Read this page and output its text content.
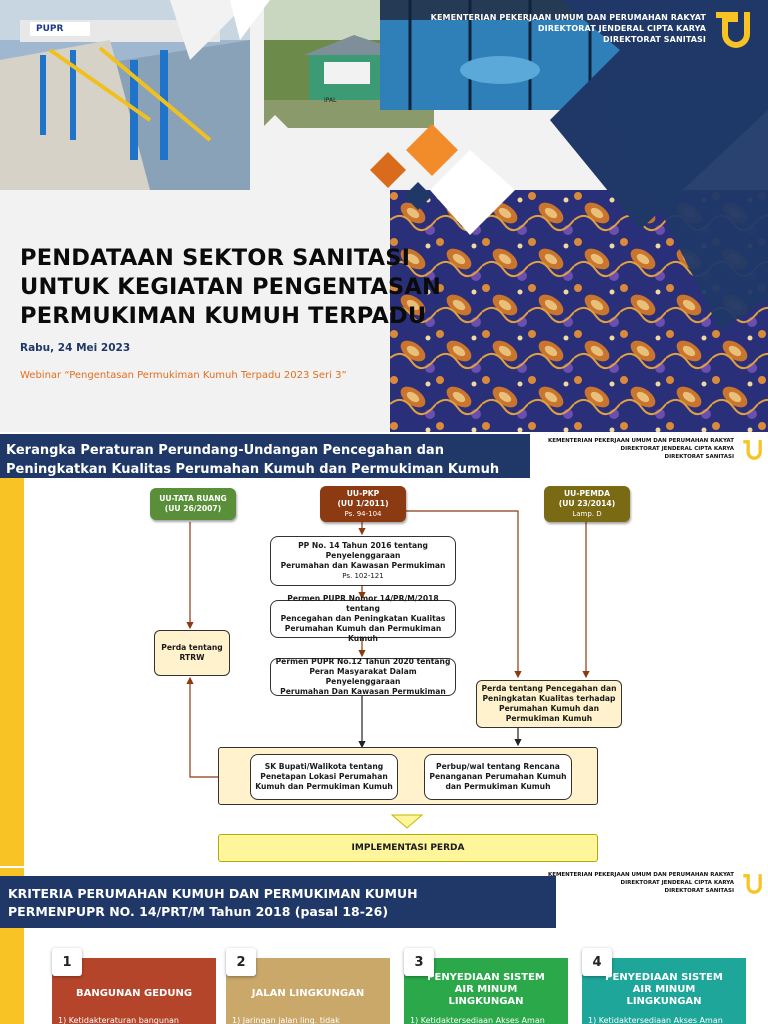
PUPR
IPAL
KEMENTERIAN PEKERJAAN UMUM DAN PERUMAHAN RAKYAT
DIREKTORAT JENDERAL CIPTA KARYA
DIREKTORAT SANITASI
PENDATAAN SEKTOR SANITASI
UNTUK KEGIATAN PENGENTASAN
PERMUKIMAN KUMUH TERPADU
Rabu, 24 Mei 2023
Webinar “Pengentasan Permukiman Kumuh Terpadu 2023 Seri 3”
Kerangka Peraturan Perundang-Undangan Pencegahan dan
Peningkatkan Kualitas Perumahan Kumuh dan Permukiman Kumuh
KEMENTERIAN PEKERJAAN UMUM DAN PERUMAHAN RAKYAT
DIREKTORAT JENDERAL CIPTA KARYA
DIREKTORAT SANITASI
UU-TATA RUANG
(UU 26/2007)
UU-PKP
(UU 1/2011)
Ps. 94-104
UU-PEMDA
(UU 23/2014)
Lamp. D
PP No. 14 Tahun 2016 tentang
Penyelenggaraan
Perumahan dan Kawasan Permukiman
Ps. 102-121
Permen PUPR Nomor 14/PR/M/2018 tentang
Pencegahan dan Peningkatan Kualitas
Perumahan Kumuh dan Permukiman Kumuh
Permen PUPR No.12 Tahun 2020 tentang
Peran Masyarakat Dalam Penyelenggaraan
Perumahan Dan Kawasan Permukiman
Perda tentang
RTRW
Perda tentang Pencegahan dan
Peningkatan Kualitas terhadap
Perumahan Kumuh dan
Permukiman Kumuh
SK Bupati/Walikota tentang
Penetapan Lokasi Perumahan
Kumuh dan Permukiman Kumuh
Perbup/wal tentang Rencana
Penanganan Perumahan Kumuh
dan Permukiman Kumuh
IMPLEMENTASI PERDA
KRITERIA PERUMAHAN KUMUH DAN PERMUKIMAN KUMUH
PERMENPUPR NO. 14/PRT/M Tahun 2018 (pasal 18-26)
KEMENTERIAN PEKERJAAN UMUM DAN PERUMAHAN RAKYAT
DIREKTORAT JENDERAL CIPTA KARYA
DIREKTORAT SANITASI
1
BANGUNAN GEDUNG
1) Ketidakteraturan bangunan
2
JALAN LINGKUNGAN
1) Jaringan jalan ling. tidak
3
PENYEDIAAN SISTEM
AIR MINUM
LINGKUNGAN
1) Ketidaktersediaan Akses Aman
4
PENYEDIAAN SISTEM
AIR MINUM
LINGKUNGAN
1) Ketidaktersediaan Akses Aman
